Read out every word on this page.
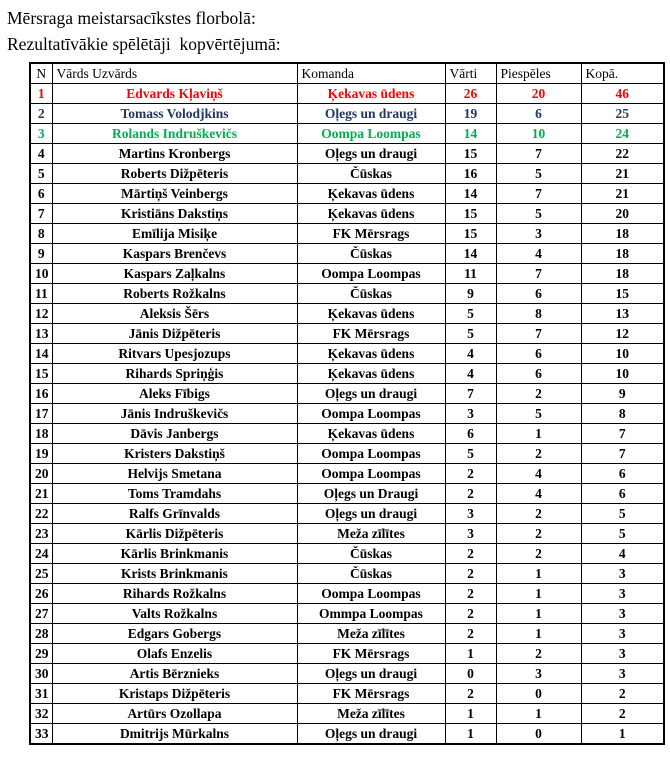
Mērsraga meistarsacīkstes florbolā:
Rezultatīvākie spēlētāji  kopvērtējumā:
N	Vārds Uzvārds	Komanda	Vārti	Piespēles	Kopā.
1	Edvards Kļaviņš	Ķekavas ūdens	26	20	46
2	Tomass Volodjkins	Oļegs un draugi	19	6	25
3	Rolands Indruškevičs	Oompa Loompas	14	10	24
4	Martins Kronbergs	Oļegs un draugi	15	7	22
5	Roberts Dižpēteris	Čūskas	16	5	21
6	Mārtiņš Veinbergs	Ķekavas ūdens	14	7	21
7	Kristiāns Dakstiņs	Ķekavas ūdens	15	5	20
8	Emīlija Misiķe	FK Mērsrags	15	3	18
9	Kaspars Brenčevs	Čūskas	14	4	18
10	Kaspars Zaļkalns	Oompa Loompas	11	7	18
11	Roberts Rožkalns	Čūskas	9	6	15
12	Aleksis Šērs	Ķekavas ūdens	5	8	13
13	Jānis Dižpēteris	FK Mērsrags	5	7	12
14	Ritvars Upesjozups	Ķekavas ūdens	4	6	10
15	Rihards Spriņģis	Ķekavas ūdens	4	6	10
16	Aleks Fībigs	Oļegs un draugi	7	2	9
17	Jānis Indruškevičs	Oompa Loompas	3	5	8
18	Dāvis Janbergs	Ķekavas ūdens	6	1	7
19	Kristers Dakstiņš	Oompa Loompas	5	2	7
20	Helvijs Smetana	Oompa Loompas	2	4	6
21	Toms Tramdahs	Oļegs un Draugi	2	4	6
22	Ralfs Grīnvalds	Oļegs un draugi	3	2	5
23	Kārlis Dižpēteris	Meža zīlītes	3	2	5
24	Kārlis Brinkmanis	Čūskas	2	2	4
25	Krists Brinkmanis	Čūskas	2	1	3
26	Rihards Rožkalns	Oompa Loompas	2	1	3
27	Valts Rožkalns	Ommpa Loompas	2	1	3
28	Edgars Gobergs	Meža zīlītes	2	1	3
29	Olafs Enzelis	FK Mērsrags	1	2	3
30	Artis Bērznieks	Oļegs un draugi	0	3	3
31	Kristaps Dižpēteris	FK Mērsrags	2	0	2
32	Artūrs Ozollapa	Meža zīlītes	1	1	2
33	Dmitrijs Mūrkalns	Oļegs un draugi	1	0	1
